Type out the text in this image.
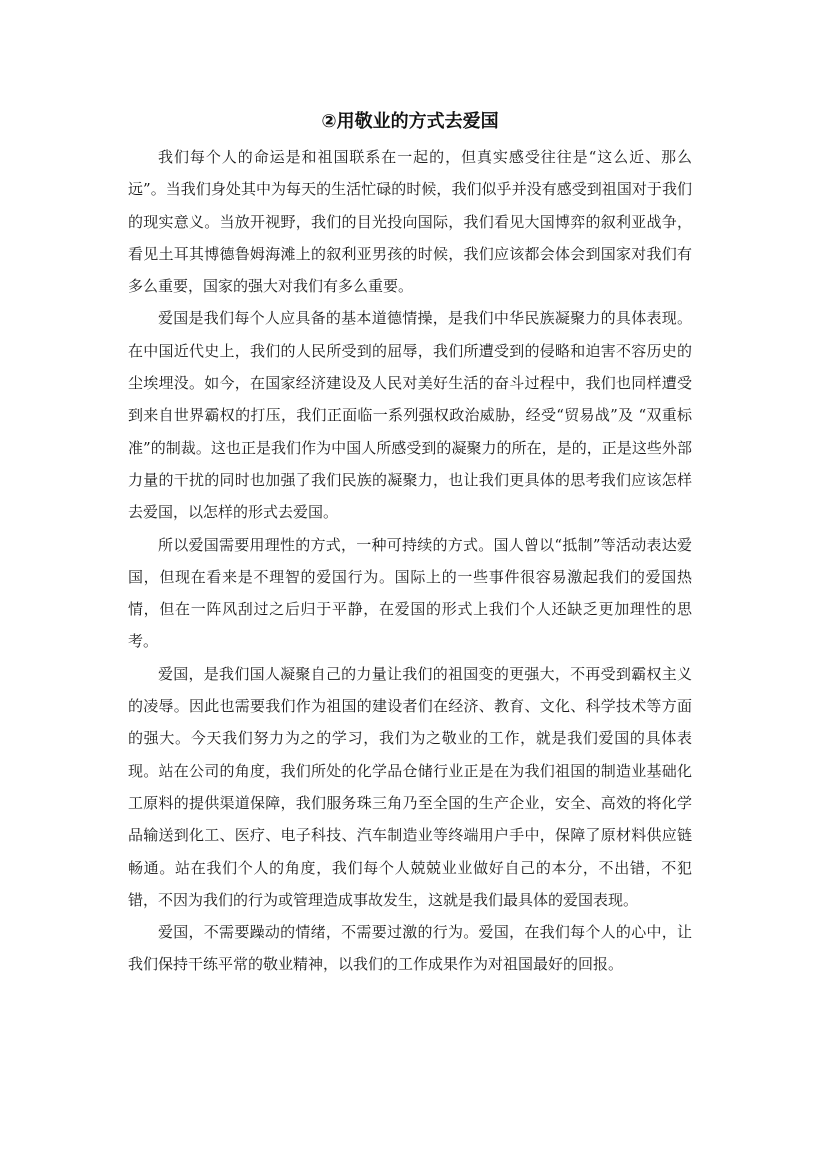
②用敬业的方式去爱国

我们每个人的命运是和祖国联系在一起的，但真实感受往往是“这么近、那么远”。当我们身处其中为每天的生活忙碌的时候，我们似乎并没有感受到祖国对于我们的现实意义。当放开视野，我们的目光投向国际，我们看见大国博弈的叙利亚战争，看见土耳其博德鲁姆海滩上的叙利亚男孩的时候，我们应该都会体会到国家对我们有多么重要，国家的强大对我们有多么重要。

爱国是我们每个人应具备的基本道德情操，是我们中华民族凝聚力的具体表现。在中国近代史上，我们的人民所受到的屈辱，我们所遭受到的侵略和迫害不容历史的尘埃埋没。如今，在国家经济建设及人民对美好生活的奋斗过程中，我们也同样遭受到来自世界霸权的打压，我们正面临一系列强权政治威胁，经受“贸易战”及 “双重标准”的制裁。这也正是我们作为中国人所感受到的凝聚力的所在，是的，正是这些外部力量的干扰的同时也加强了我们民族的凝聚力，也让我们更具体的思考我们应该怎样去爱国，以怎样的形式去爱国。

所以爱国需要用理性的方式，一种可持续的方式。国人曾以“抵制”等活动表达爱国，但现在看来是不理智的爱国行为。国际上的一些事件很容易激起我们的爱国热情，但在一阵风刮过之后归于平静，在爱国的形式上我们个人还缺乏更加理性的思考。

爱国，是我们国人凝聚自己的力量让我们的祖国变的更强大，不再受到霸权主义的凌辱。因此也需要我们作为祖国的建设者们在经济、教育、文化、科学技术等方面的强大。今天我们努力为之的学习，我们为之敬业的工作，就是我们爱国的具体表现。站在公司的角度，我们所处的化学品仓储行业正是在为我们祖国的制造业基础化工原料的提供渠道保障，我们服务珠三角乃至全国的生产企业，安全、高效的将化学品输送到化工、医疗、电子科技、汽车制造业等终端用户手中，保障了原材料供应链畅通。站在我们个人的角度，我们每个人兢兢业业做好自己的本分，不出错，不犯错，不因为我们的行为或管理造成事故发生，这就是我们最具体的爱国表现。

爱国，不需要躁动的情绪，不需要过激的行为。爱国，在我们每个人的心中，让我们保持干练平常的敬业精神，以我们的工作成果作为对祖国最好的回报。
